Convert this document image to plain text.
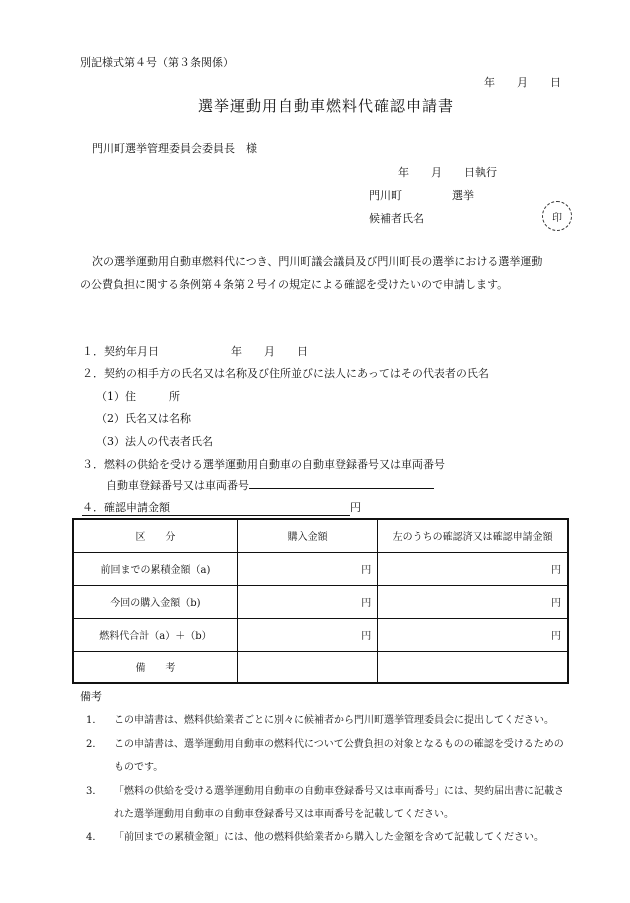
別記様式第４号（第３条関係）
年　　月　　日
選挙運動用自動車燃料代確認申請書
門川町選挙管理委員会委員長　様
年　　月　　日執行
門川町	選挙
候補者氏名	印
次の選挙運動用自動車燃料代につき、門川町議会議員及び門川町長の選挙における選挙運動
の公費負担に関する条例第４条第２号イの規定による確認を受けたいので申請します。
１．契約年月日	年　　月　　日
２．契約の相手方の氏名又は名称及び住所並びに法人にあってはその代表者の氏名
（1）住　　　所
（2）氏名又は名称
（3）法人の代表者氏名
３．燃料の供給を受ける選挙運動用自動車の自動車登録番号又は車両番号
自動車登録番号又は車両番号
４．確認申請金額	円
区　　分	購入金額	左のうちの確認済又は確認申請金額
前回までの累積金額（a)	円	円
今回の購入金額（b)	円	円
燃料代合計（a）＋（b）	円	円
備　　考		
備考
1． この申請書は、燃料供給業者ごとに別々に候補者から門川町選挙管理委員会に提出してください。
2． この申請書は、選挙運動用自動車の燃料代について公費負担の対象となるものの確認を受けるための
ものです。
3． 「燃料の供給を受ける選挙運動用自動車の自動車登録番号又は車両番号」には、契約届出書に記載さ
れた選挙運動用自動車の自動車登録番号又は車両番号を記載してください。
4． 「前回までの累積金額」には、他の燃料供給業者から購入した金額を含めて記載してください。
